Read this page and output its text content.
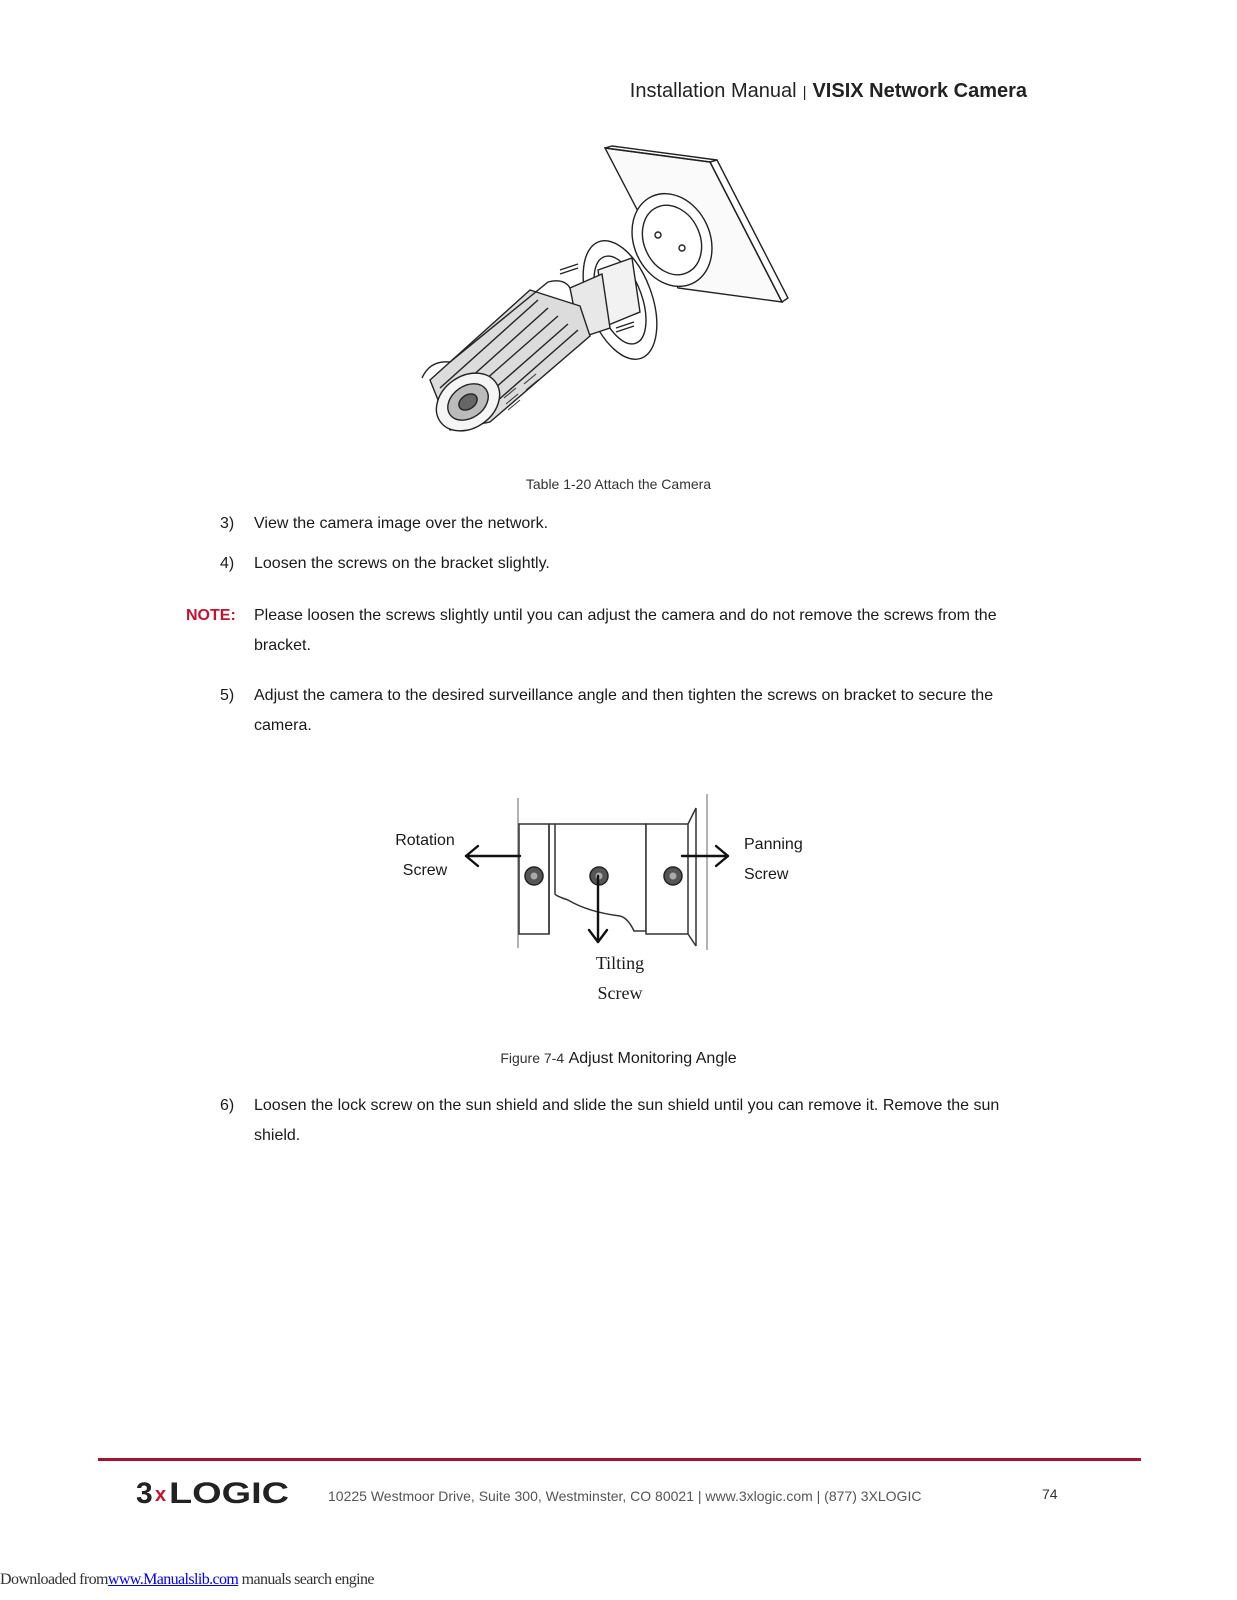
Installation Manual | VISIX Network Camera
Table 1-20 Attach the Camera
3) View the camera image over the network.
4) Loosen the screws on the bracket slightly.
NOTE: Please loosen the screws slightly until you can adjust the camera and do not remove the screws from the bracket.
5) Adjust the camera to the desired surveillance angle and then tighten the screws on bracket to secure the camera.
Rotation
Screw
Panning
Screw
Tilting
Screw
Figure 7-4 Adjust Monitoring Angle
6) Loosen the lock screw on the sun shield and slide the sun shield until you can remove it. Remove the sun shield.
3 x LOGIC	10225 Westmoor Drive, Suite 300, Westminster, CO 80021 | www.3xlogic.com | (877) 3XLOGIC	74
Downloaded fromwww.Manualslib.com manuals search engine
